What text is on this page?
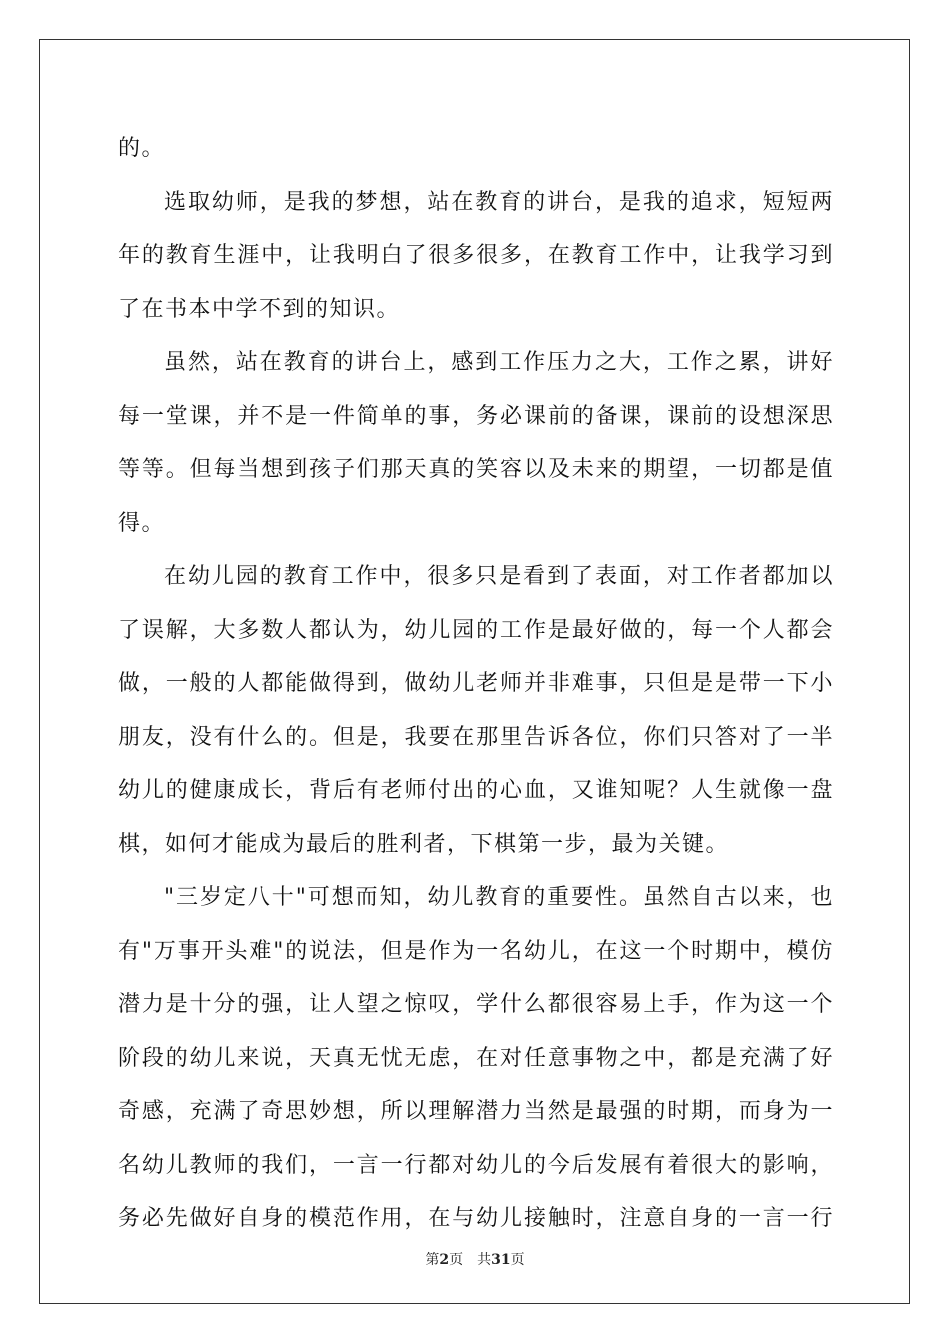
的。
选取幼师，是我的梦想，站在教育的讲台，是我的追求，短短两
年的教育生涯中，让我明白了很多很多，在教育工作中，让我学习到
了在书本中学不到的知识。
虽然，站在教育的讲台上，感到工作压力之大，工作之累，讲好
每一堂课，并不是一件简单的事，务必课前的备课，课前的设想深思
等等。但每当想到孩子们那天真的笑容以及未来的期望，一切都是值
得。
在幼儿园的教育工作中，很多只是看到了表面，对工作者都加以
了误解，大多数人都认为，幼儿园的工作是最好做的，每一个人都会
做，一般的人都能做得到，做幼儿老师并非难事，只但是是带一下小
朋友，没有什么的。但是，我要在那里告诉各位，你们只答对了一半
幼儿的健康成长，背后有老师付出的心血，又谁知呢？人生就像一盘
棋，如何才能成为最后的胜利者，下棋第一步，最为关键。
"三岁定八十"可想而知，幼儿教育的重要性。虽然自古以来，也
有"万事开头难"的说法，但是作为一名幼儿，在这一个时期中，模仿
潜力是十分的强，让人望之惊叹，学什么都很容易上手，作为这一个
阶段的幼儿来说，天真无忧无虑，在对任意事物之中，都是充满了好
奇感，充满了奇思妙想，所以理解潜力当然是最强的时期，而身为一
名幼儿教师的我们，一言一行都对幼儿的今后发展有着很大的影响，
务必先做好自身的模范作用，在与幼儿接触时，注意自身的一言一行
第2页 共31页
